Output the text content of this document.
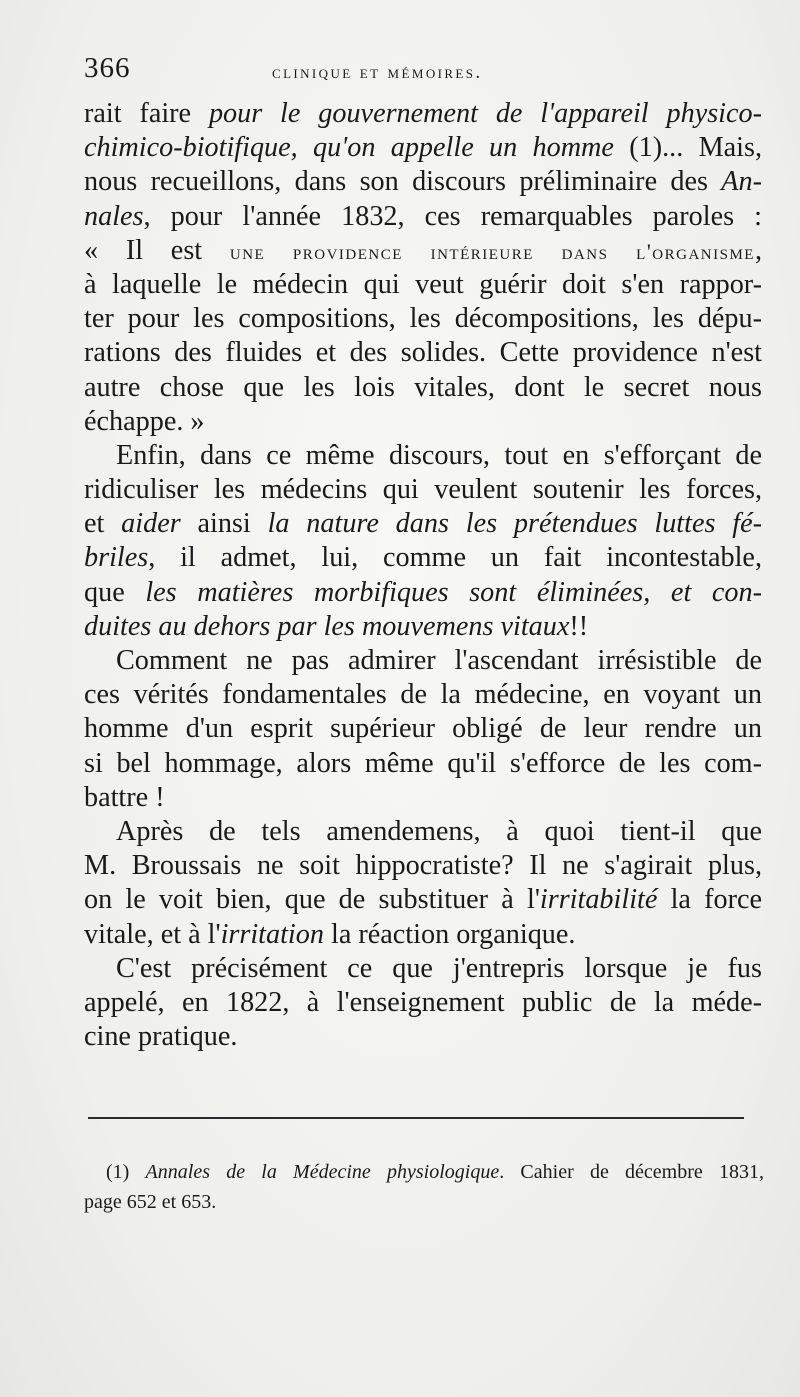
366	clinique et mémoires.
rait faire pour le gouvernement de l'appareil physico-
chimico-biotifique, qu'on appelle un homme (1)... Mais,
nous recueillons, dans son discours préliminaire des An-
nales, pour l'année 1832, ces remarquables paroles :
« Il est une providence intérieure dans l'organisme,
à laquelle le médecin qui veut guérir doit s'en rappor-
ter pour les compositions, les décompositions, les dépu-
rations des fluides et des solides. Cette providence n'est
autre chose que les lois vitales, dont le secret nous
échappe. »
Enfin, dans ce même discours, tout en s'efforçant de
ridiculiser les médecins qui veulent soutenir les forces,
et aider ainsi la nature dans les prétendues luttes fé-
briles, il admet, lui, comme un fait incontestable,
que les matières morbifiques sont éliminées, et con-
duites au dehors par les mouvemens vitaux!!
Comment ne pas admirer l'ascendant irrésistible de
ces vérités fondamentales de la médecine, en voyant un
homme d'un esprit supérieur obligé de leur rendre un
si bel hommage, alors même qu'il s'efforce de les com-
battre !
Après de tels amendemens, à quoi tient-il que
M. Broussais ne soit hippocratiste? Il ne s'agirait plus,
on le voit bien, que de substituer à l'irritabilité la force
vitale, et à l'irritation la réaction organique.
C'est précisément ce que j'entrepris lorsque je fus
appelé, en 1822, à l'enseignement public de la méde-
cine pratique.
(1) Annales de la Médecine physiologique. Cahier de décembre 1831,
page 652 et 653.
